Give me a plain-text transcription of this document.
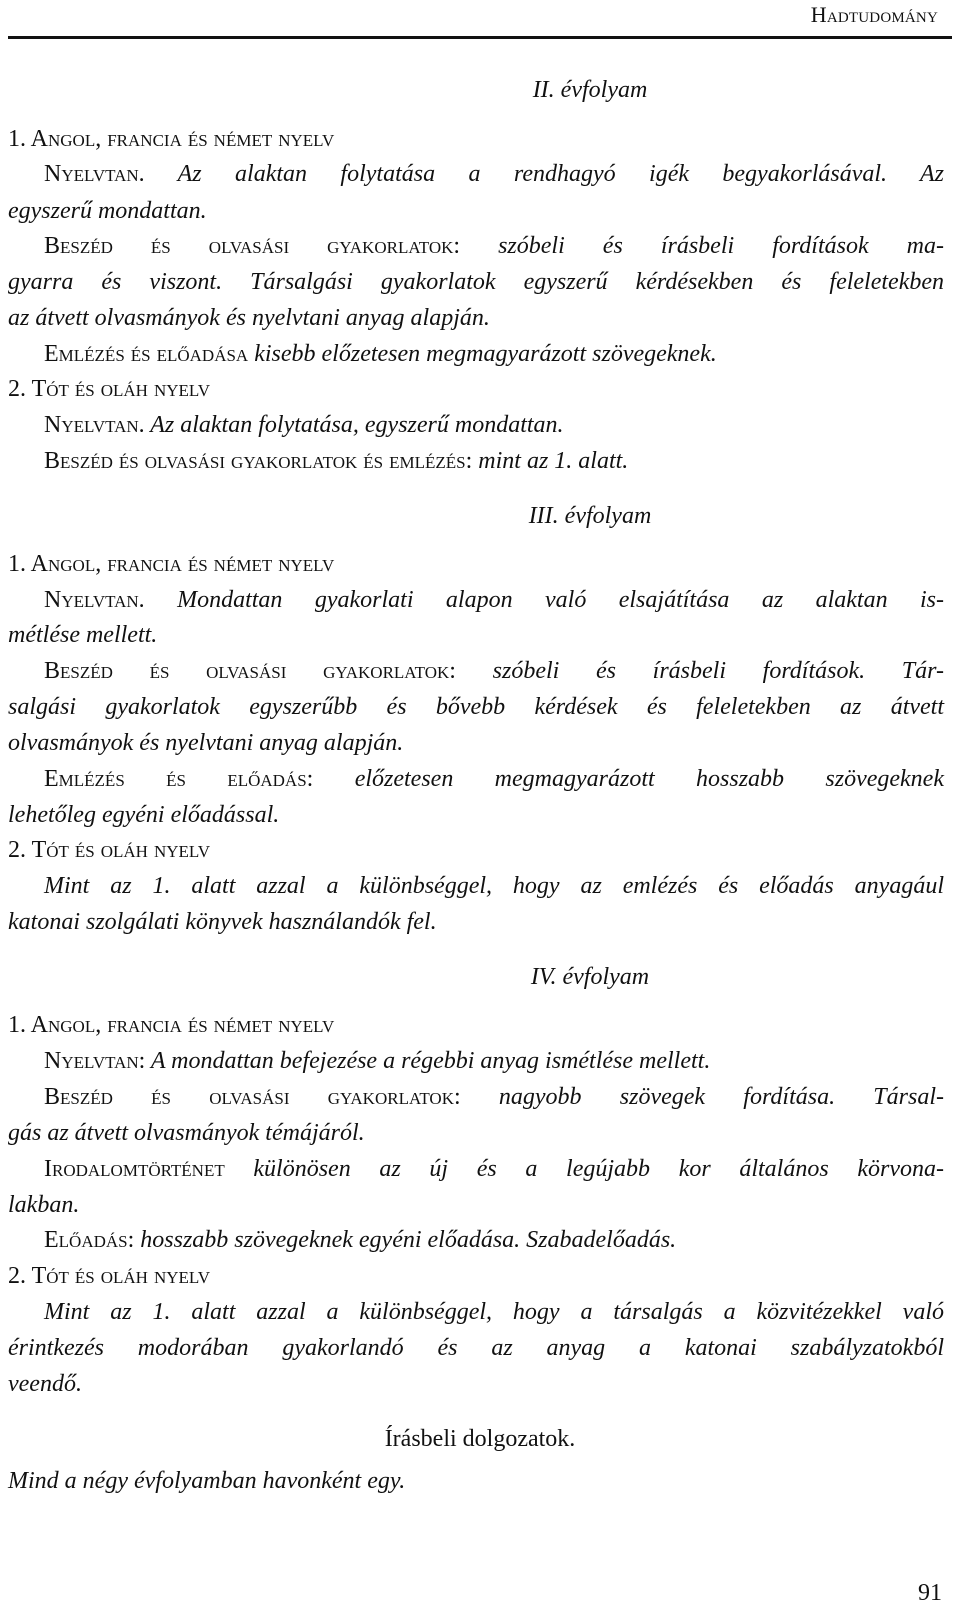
Hadtudomány
II. évfolyam
1. Angol, francia és német nyelv
Nyelvtan. Az alaktan folytatása a rendhagyó igék begyakorlásával. Az
egyszerű mondattan.
Beszéd és olvasási gyakorlatok: szóbeli és írásbeli fordítások ma-
gyarra és viszont. Társalgási gyakorlatok egyszerű kérdésekben és feleletekben
az átvett olvasmányok és nyelvtani anyag alapján.
Emlézés és előadása kisebb előzetesen megmagyarázott szövegeknek.
2. Tót és oláh nyelv
Nyelvtan. Az alaktan folytatása, egyszerű mondattan.
Beszéd és olvasási gyakorlatok és emlézés: mint az 1. alatt.
III. évfolyam
1. Angol, francia és német nyelv
Nyelvtan. Mondattan gyakorlati alapon való elsajátítása az alaktan is-
métlése mellett.
Beszéd és olvasási gyakorlatok: szóbeli és írásbeli fordítások. Tár-
salgási gyakorlatok egyszerűbb és bővebb kérdések és feleletekben az átvett
olvasmányok és nyelvtani anyag alapján.
Emlézés és előadás: előzetesen megmagyarázott hosszabb szövegeknek
lehetőleg egyéni előadással.
2. Tót és oláh nyelv
Mint az 1. alatt azzal a különbséggel, hogy az emlézés és előadás anyagául
katonai szolgálati könyvek használandók fel.
IV. évfolyam
1. Angol, francia és német nyelv
Nyelvtan: A mondattan befejezése a régebbi anyag ismétlése mellett.
Beszéd és olvasási gyakorlatok: nagyobb szövegek fordítása. Társal-
gás az átvett olvasmányok témájáról.
Irodalomtörténet különösen az új és a legújabb kor általános körvona-
lakban.
Előadás: hosszabb szövegeknek egyéni előadása. Szabadelőadás.
2. Tót és oláh nyelv
Mint az 1. alatt azzal a különbséggel, hogy a társalgás a közvitézekkel való
érintkezés modorában gyakorlandó és az anyag a katonai szabályzatokból
veendő.
Írásbeli dolgozatok.
Mind a négy évfolyamban havonként egy.
91
